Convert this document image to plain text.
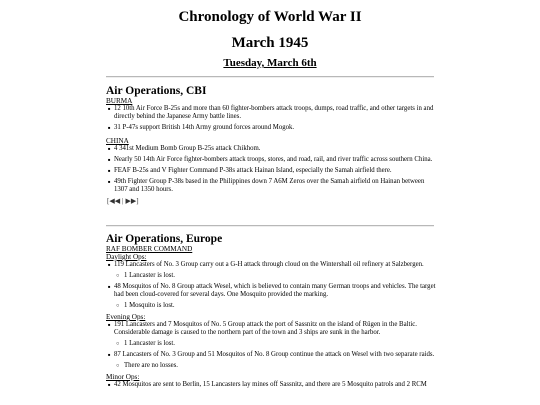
Chronology of World War II
March 1945
Tuesday, March 6th
Air Operations, CBI
BURMA
■ 12 10th Air Force B-25s and more than 60 fighter-bombers attack troops, dumps, road traffic, and other targets in and directly behind the Japanese Army battle lines.
■ 31 P-47s support British 14th Army ground forces around Mogok.
CHINA
■ 4 341st Medium Bomb Group B-25s attack Chikhom.
■ Nearly 50 14th Air Force fighter-bombers attack troops, stores, and road, rail, and river traffic across southern China.
■ FEAF B-25s and V Fighter Command P-38s attack Hainan Island, especially the Samah airfield there.
■ 49th Fighter Group P-38s based in the Philippines down 7 A6M Zeros over the Samah airfield on Hainan between 1307 and 1350 hours.
[◀◀ | ▶▶]
Air Operations, Europe
RAF BOMBER COMMAND
Daylight Ops:
■ 119 Lancasters of No. 3 Group carry out a G-H attack through cloud on the Wintershall oil refinery at Salzbergen.
○ 1 Lancaster is lost.
■ 48 Mosquitos of No. 8 Group attack Wesel, which is believed to contain many German troops and vehicles. The target had been cloud-covered for several days. One Mosquito provided the marking.
○ 1 Mosquito is lost.
Evening Ops:
■ 191 Lancasters and 7 Mosquitos of No. 5 Group attack the port of Sassnitz on the island of Rügen in the Baltic. Considerable damage is caused to the northern part of the town and 3 ships are sunk in the harbor.
○ 1 Lancaster is lost.
■ 87 Lancasters of No. 3 Group and 51 Mosquitos of No. 8 Group continue the attack on Wesel with two separate raids.
○ There are no losses.
Minor Ops:
■ 42 Mosquitos are sent to Berlin, 15 Lancasters lay mines off Sassnitz, and there are 5 Mosquito patrols and 2 RCM
